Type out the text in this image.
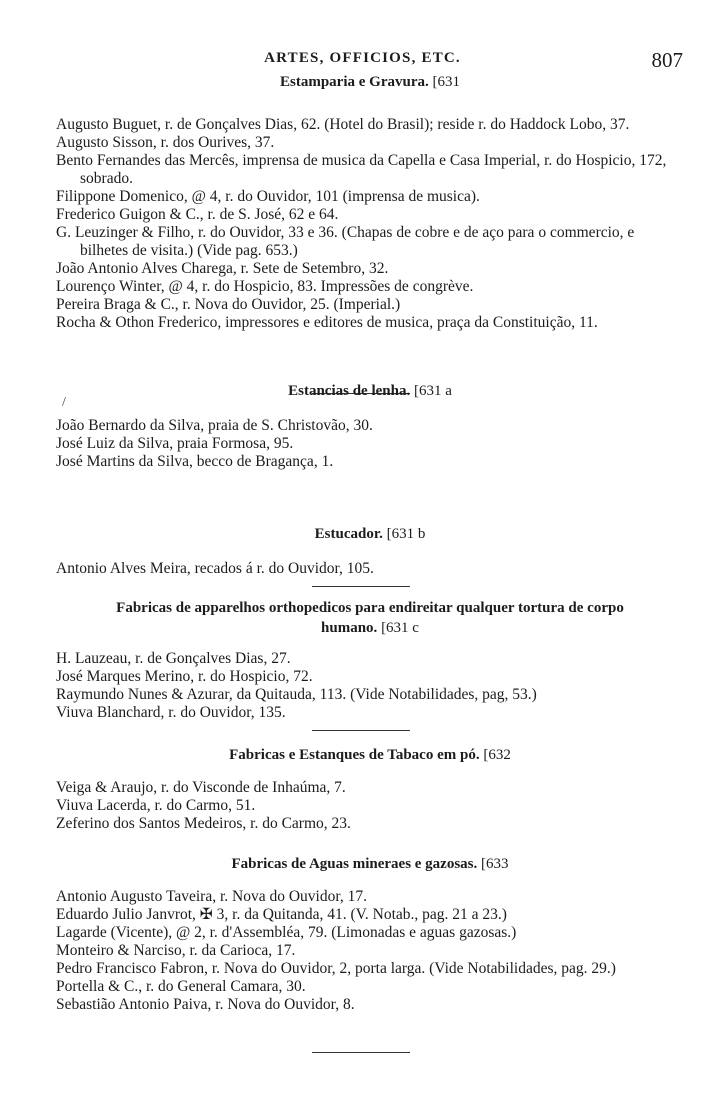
ARTES, OFFICIOS, ETC.	807
Estamparia e Gravura. [631

Augusto Buguet, r. de Gonçalves Dias, 62. (Hotel do Brasil); reside r. do Haddock Lobo, 37.

Augusto Sisson, r. dos Ourives, 37.

Bento Fernandes das Mercês, imprensa de musica da Capella e Casa Imperial, r. do Hospicio, 172, sobrado.

Filippone Domenico, @ 4, r. do Ouvidor, 101 (imprensa de musica).

Frederico Guigon & C., r. de S. José, 62 e 64.

G. Leuzinger & Filho, r. do Ouvidor, 33 e 36. (Chapas de cobre e de aço para o commercio, e bilhetes de visita.) (Vide pag. 653.)

João Antonio Alves Charega, r. Sete de Setembro, 32.

Lourenço Winter, @ 4, r. do Hospicio, 83. Impressões de congrève.

Pereira Braga & C., r. Nova do Ouvidor, 25. (Imperial.)

Rocha & Othon Frederico, impressores e editores de musica, praça da Constituição, 11.

/
Estancias de lenha. [631 a

João Bernardo da Silva, praia de S. Christovão, 30.

José Luiz da Silva, praia Formosa, 95.

José Martins da Silva, becco de Bragança, 1.

Estucador. [631 b

Antonio Alves Meira, recados á r. do Ouvidor, 105.

Fabricas de apparelhos orthopedicos para endireitar qualquer tortura de corpo humano. [631 c

H. Lauzeau, r. de Gonçalves Dias, 27.

José Marques Merino, r. do Hospicio, 72.

Raymundo Nunes & Azurar, da Quitauda, 113. (Vide Notabilidades, pag, 53.)

Viuva Blanchard, r. do Ouvidor, 135.

Fabricas e Estanques de Tabaco em pó. [632

Veiga & Araujo, r. do Visconde de Inhaúma, 7.

Viuva Lacerda, r. do Carmo, 51.

Zeferino dos Santos Medeiros, r. do Carmo, 23.

Fabricas de Aguas mineraes e gazosas. [633

Antonio Augusto Taveira, r. Nova do Ouvidor, 17.

Eduardo Julio Janvrot, ✠ 3, r. da Quitanda, 41. (V. Notab., pag. 21 a 23.)

Lagarde (Vicente), @ 2, r. d'Assembléa, 79. (Limonadas e aguas gazosas.)

Monteiro & Narciso, r. da Carioca, 17.

Pedro Francisco Fabron, r. Nova do Ouvidor, 2, porta larga. (Vide Notabilidades, pag. 29.)

Portella & C., r. do General Camara, 30.

Sebastião Antonio Paiva, r. Nova do Ouvidor, 8.
